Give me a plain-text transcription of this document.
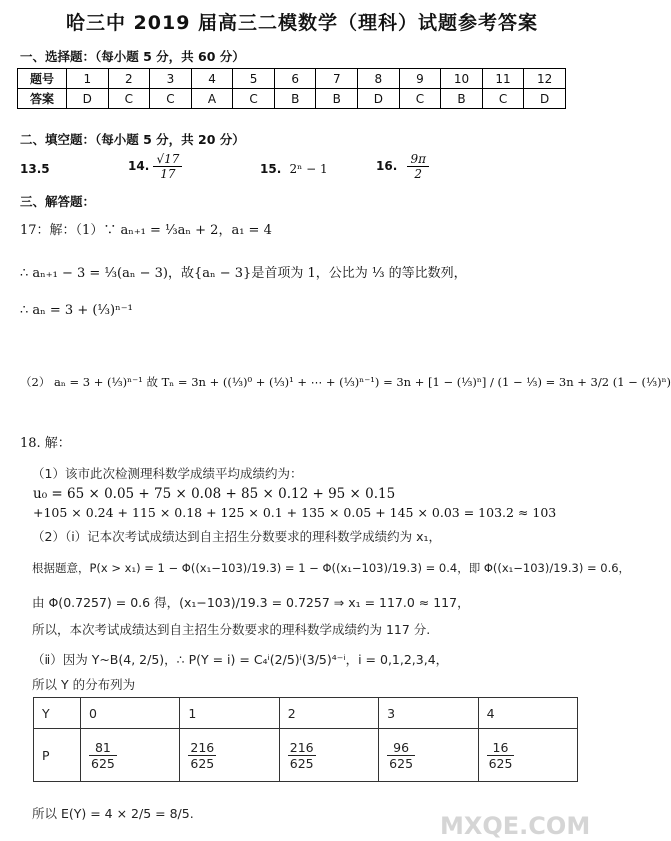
哈三中 2019 届高三二模数学（理科）试题参考答案
一、选择题：（每小题 5 分，共 60 分）
题号	1	2	3	4	5	6	7	8	9	10	11	12
答案	D	C	C	A	C	B	B	D	C	B	C	D
二、填空题：（每小题 5 分，共 20 分）
13.5	14. $\frac{√17}{17}$	15. 2ⁿ − 1	16. $\frac{9\pi}{2}$
三、解答题：
17：解：（1）∵ aₙ₊₁ = ⅓aₙ + 2，a₁ = 4
∴ aₙ₊₁ − 3 = ⅓(aₙ − 3)，故{aₙ − 3}是首项为 1，公比为 ⅓ 的等比数列，
∴ aₙ = 3 + (⅓)ⁿ⁻¹
（2） aₙ = 3 + (⅓)ⁿ⁻¹ 故 Tₙ = 3n + ((⅓)⁰ + (⅓)¹ + ⋯ + (⅓)ⁿ⁻¹) = 3n + [1 − (⅓)ⁿ] / (1 − ⅓) = 3n + 3/2 (1 − (⅓)ⁿ)
18. 解：
（1）该市此次检测理科数学成绩平均成绩约为：
u₀ = 65 × 0.05 + 75 × 0.08 + 85 × 0.12 + 95 × 0.15
+105 × 0.24 + 115 × 0.18 + 125 × 0.1 + 135 × 0.05 + 145 × 0.03 = 103.2 ≈ 103
（2）（ⅰ）记本次考试成绩达到自主招生分数要求的理科数学成绩约为 x₁，
根据题意，P(x > x₁) = 1 − Φ((x₁−103)/19.3) = 1 − Φ((x₁−103)/19.3) = 0.4，即 Φ((x₁−103)/19.3) = 0.6，
由 Φ(0.7257) = 0.6 得，(x₁−103)/19.3 = 0.7257 ⇒ x₁ = 117.0 ≈ 117，
所以，本次考试成绩达到自主招生分数要求的理科数学成绩约为 117 分.
（ⅱ）因为 Y~B(4, 2/5)，∴ P(Y = i) = C₄ⁱ(2/5)ⁱ(3/5)⁴⁻ⁱ，i = 0,1,2,3,4，
所以 Y 的分布列为
Y	0	1	2	3	4
P	$\frac{81}{625}$	$\frac{216}{625}$	$\frac{216}{625}$	$\frac{96}{625}$	$\frac{16}{625}$
所以 E(Y) = 4 × 2/5 = 8/5.	MXQE.COM
